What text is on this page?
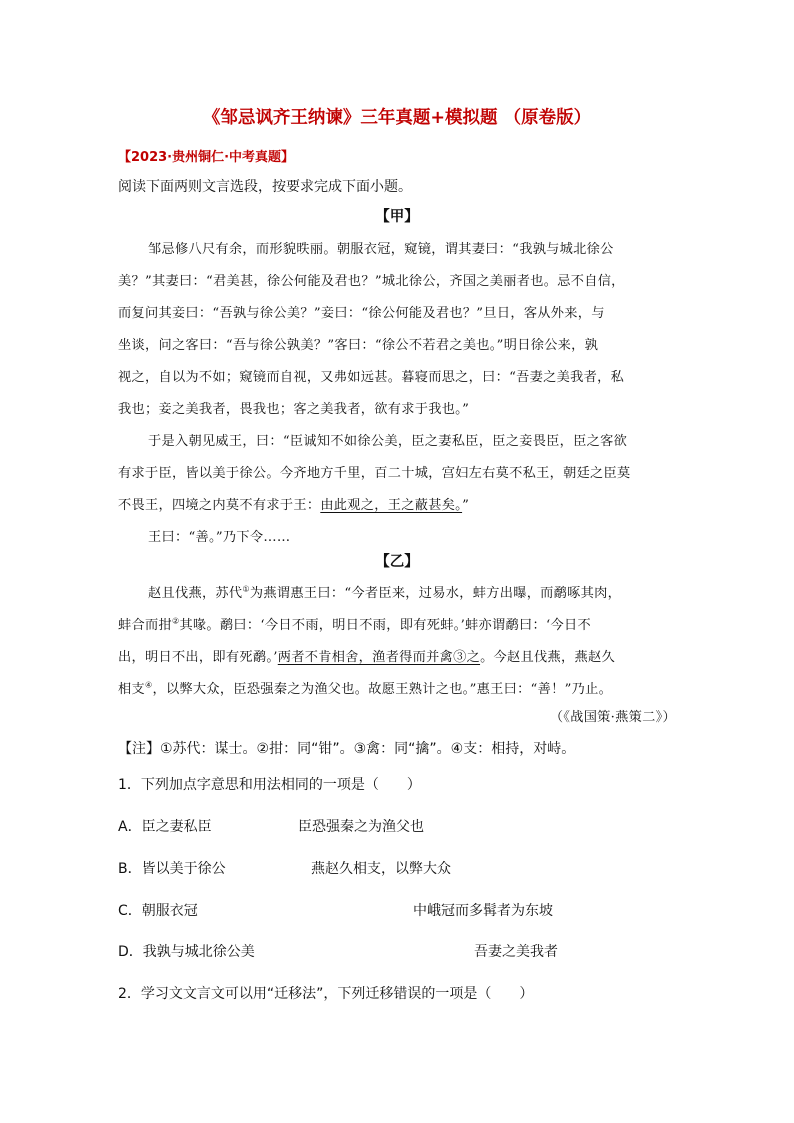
《邹忌讽齐王纳谏》三年真题+模拟题 （原卷版）
【2023·贵州铜仁·中考真题】
阅读下面两则文言选段，按要求完成下面小题。
【甲】
邹忌修八尺有余，而形貌昳丽。朝服衣冠，窥镜，谓其妻曰：“我孰与城北徐公
美？”其妻曰：“君美甚，徐公何能及君也？”城北徐公，齐国之美丽者也。忌不自信，
而复问其妾曰：“吾孰与徐公美？”妾曰：“徐公何能及君也？”旦日，客从外来，与
坐谈，问之客曰：“吾与徐公孰美？”客曰：“徐公不若君之美也。”明日徐公来，孰
视之，自以为不如；窥镜而自视，又弗如远甚。暮寝而思之，曰：“吾妻之美我者，私
我也；妾之美我者，畏我也；客之美我者，欲有求于我也。”
于是入朝见威王，曰：“臣诚知不如徐公美，臣之妻私臣，臣之妾畏臣，臣之客欲
有求于臣，皆以美于徐公。今齐地方千里，百二十城，宫妇左右莫不私王，朝廷之臣莫
不畏王，四境之内莫不有求于王：由此观之，王之蔽甚矣。”
王曰：“善。”乃下令……
【乙】
赵且伐燕，苏代①为燕谓惠王曰：“今者臣来，过易水，蚌方出曝，而鹬啄其肉，
蚌合而拑②其喙。鹬曰：‘今日不雨，明日不雨，即有死蚌。’蚌亦谓鹬曰：‘今日不
出，明日不出，即有死鹬。’两者不肯相舍，渔者得而并禽③之。今赵且伐燕，燕赵久
相支④，以弊大众，臣恐强秦之为渔父也。故愿王熟计之也。”惠王曰：“善！”乃止。
（《战国策·燕策二》）
【注】①苏代：谋士。②拑：同“钳”。③禽：同“擒”。④支：相持，对峙。
1．下列加点字意思和用法相同的一项是（　　）
A．臣之妻私臣	臣恐强秦之为渔父也
B．皆以美于徐公	燕赵久相支，以弊大众
C．朝服衣冠	中峨冠而多髯者为东坡
D．我孰与城北徐公美	吾妻之美我者
2．学习文文言文可以用“迁移法”，下列迁移错误的一项是（　　）
